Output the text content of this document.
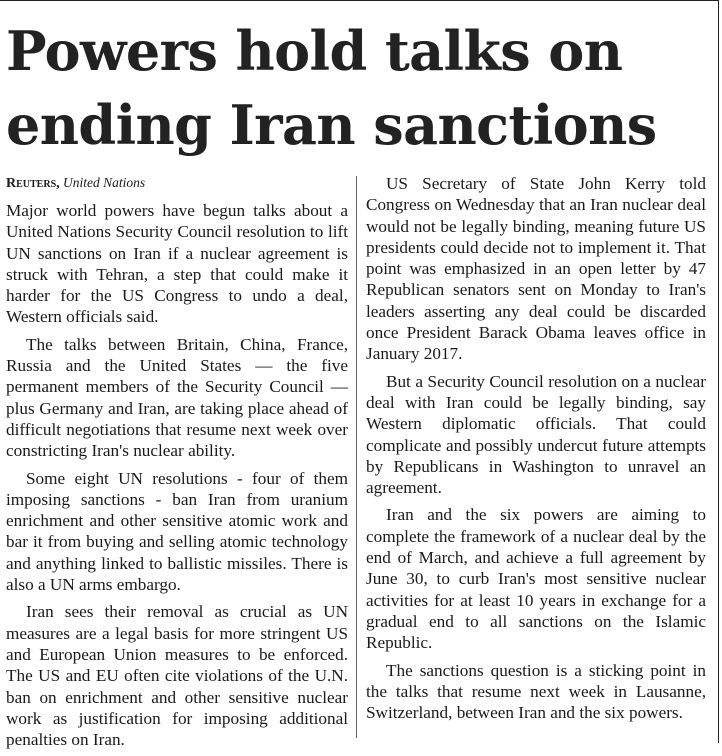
Powers hold talks on ending Iran sanctions

Reuters, United Nations

Major world powers have begun talks about a United Nations Security Council resolution to lift UN sanctions on Iran if a nuclear agreement is struck with Tehran, a step that could make it harder for the US Congress to undo a deal, Western officials said.

The talks between Britain, China, France, Russia and the United States — the five permanent members of the Security Council — plus Germany and Iran, are taking place ahead of difficult negotiations that resume next week over constricting Iran's nuclear ability.

Some eight UN resolutions - four of them imposing sanctions - ban Iran from uranium enrichment and other sensitive atomic work and bar it from buying and selling atomic technology and anything linked to ballistic missiles. There is also a UN arms embargo.

Iran sees their removal as crucial as UN measures are a legal basis for more stringent US and European Union measures to be enforced. The US and EU often cite violations of the U.N. ban on enrichment and other sensitive nuclear work as justification for imposing additional penalties on Iran.

US Secretary of State John Kerry told Congress on Wednesday that an Iran nuclear deal would not be legally binding, meaning future US presidents could decide not to implement it. That point was emphasized in an open letter by 47 Republican senators sent on Monday to Iran's leaders asserting any deal could be discarded once President Barack Obama leaves office in January 2017.

But a Security Council resolution on a nuclear deal with Iran could be legally binding, say Western diplomatic officials. That could complicate and possibly undercut future attempts by Republicans in Washington to unravel an agreement.

Iran and the six powers are aiming to complete the framework of a nuclear deal by the end of March, and achieve a full agreement by June 30, to curb Iran's most sensitive nuclear activities for at least 10 years in exchange for a gradual end to all sanctions on the Islamic Republic.

The sanctions question is a sticking point in the talks that resume next week in Lausanne, Switzerland, between Iran and the six powers.
